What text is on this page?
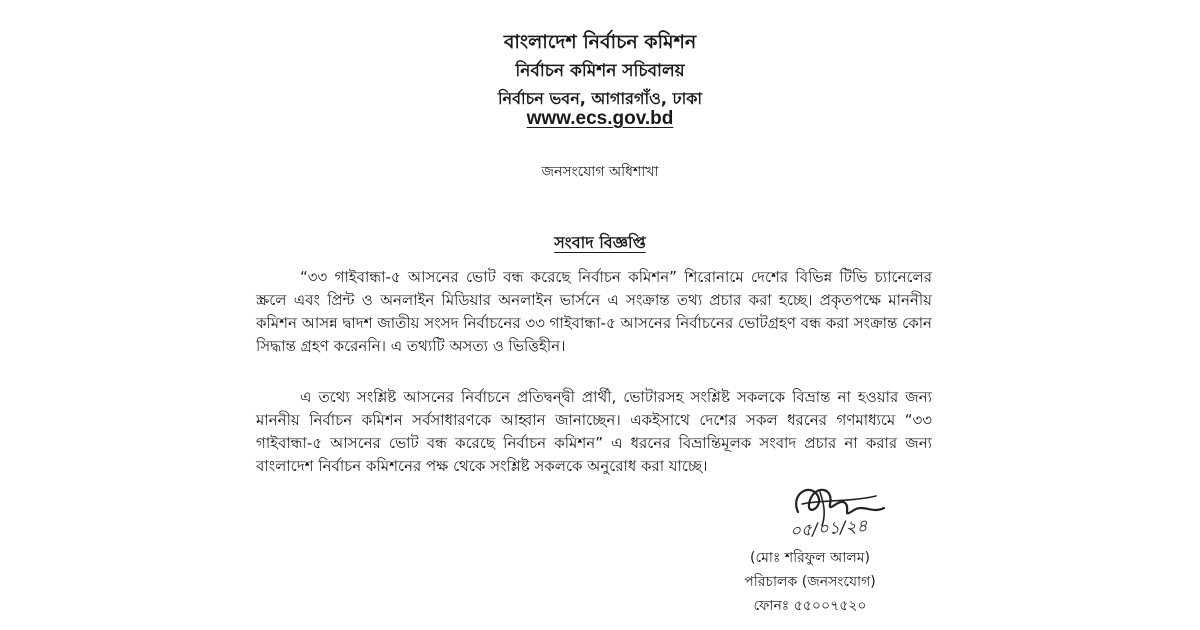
বাংলাদেশ নির্বাচন কমিশন
নির্বাচন কমিশন সচিবালয়
নির্বাচন ভবন, আগারগাঁও, ঢাকা
www.ecs.gov.bd
জনসংযোগ অধিশাখা
সংবাদ বিজ্ঞপ্তি

“৩৩ গাইবান্ধা-৫ আসনের ভোট বন্ধ করেছে নির্বাচন কমিশন” শিরোনামে দেশের বিভিন্ন টিভি চ্যানেলের স্ক্রলে এবং প্রিন্ট ও অনলাইন মিডিয়ার অনলাইন ভার্সনে এ সংক্রান্ত তথ্য প্রচার করা হচ্ছে। প্রকৃতপক্ষে মাননীয় কমিশন আসন্ন দ্বাদশ জাতীয় সংসদ নির্বাচনের ৩৩ গাইবান্ধা-৫ আসনের নির্বাচনের ভোটগ্রহণ বন্ধ করা সংক্রান্ত কোন সিদ্ধান্ত গ্রহণ করেননি। এ তথ্যটি অসত্য ও ভিত্তিহীন।

এ তথ্যে সংশ্লিষ্ট আসনের নির্বাচনে প্রতিদ্বন্দ্বী প্রার্থী, ভোটারসহ সংশ্লিষ্ট সকলকে বিভ্রান্ত না হওয়ার জন্য মাননীয় নির্বাচন কমিশন সর্বসাধারণকে আহ্বান জানাচ্ছেন। একইসাথে দেশের সকল ধরনের গণমাধ্যমে “৩৩ গাইবান্ধা-৫ আসনের ভোট বন্ধ করেছে নির্বাচন কমিশন” এ ধরনের বিভ্রান্তিমূলক সংবাদ প্রচার না করার জন্য বাংলাদেশ নির্বাচন কমিশনের পক্ষ থেকে সংশ্লিষ্ট সকলকে অনুরোধ করা যাচ্ছে।

০৫/০১/২৪
(মোঃ শরিফুল আলম)
পরিচালক (জনসংযোগ)
ফোনঃ ৫৫০০৭৫২০
